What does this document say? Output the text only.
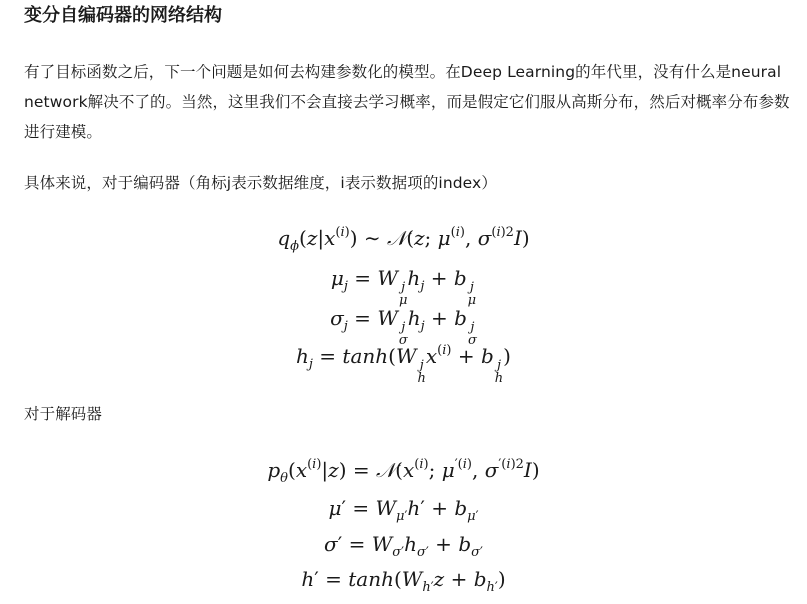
变分自编码器的网络结构
有了目标函数之后，下一个问题是如何去构建参数化的模型。在Deep Learning的年代里，没有什么是neural network解决不了的。当然，这里我们不会直接去学习概率，而是假定它们服从高斯分布，然后对概率分布参数进行建模。
具体来说，对于编码器（角标j表示数据维度，i表示数据项的index）
$q_\phi(z|x^{(i)})$ ∼ 𝒩(z; $\mu^{(i)}$, $\sigma^{(i)2}I$)
$\mu_j = W$ j
μ
$h_j + b$ j
μ
$\sigma_j = W$ j
σ
$h_j + b$ j
σ
$h_j = \tanh(W$ j
h
$x^{(i)} + b$ j
h
)
对于解码器
$p_\theta(x^{(i)}|z)$ = $𝒩(x^{(i)}$; $\mu^{'(i)}$, $\sigma^{'(i)2}I$)
$\mu' = W_{\mu'}h' + b_{\mu'}$
$\sigma' = W_{\sigma'}h_{\sigma'} + b_{\sigma'}$
$h' = \tanh(W_{h'}z + b_{h'})$
